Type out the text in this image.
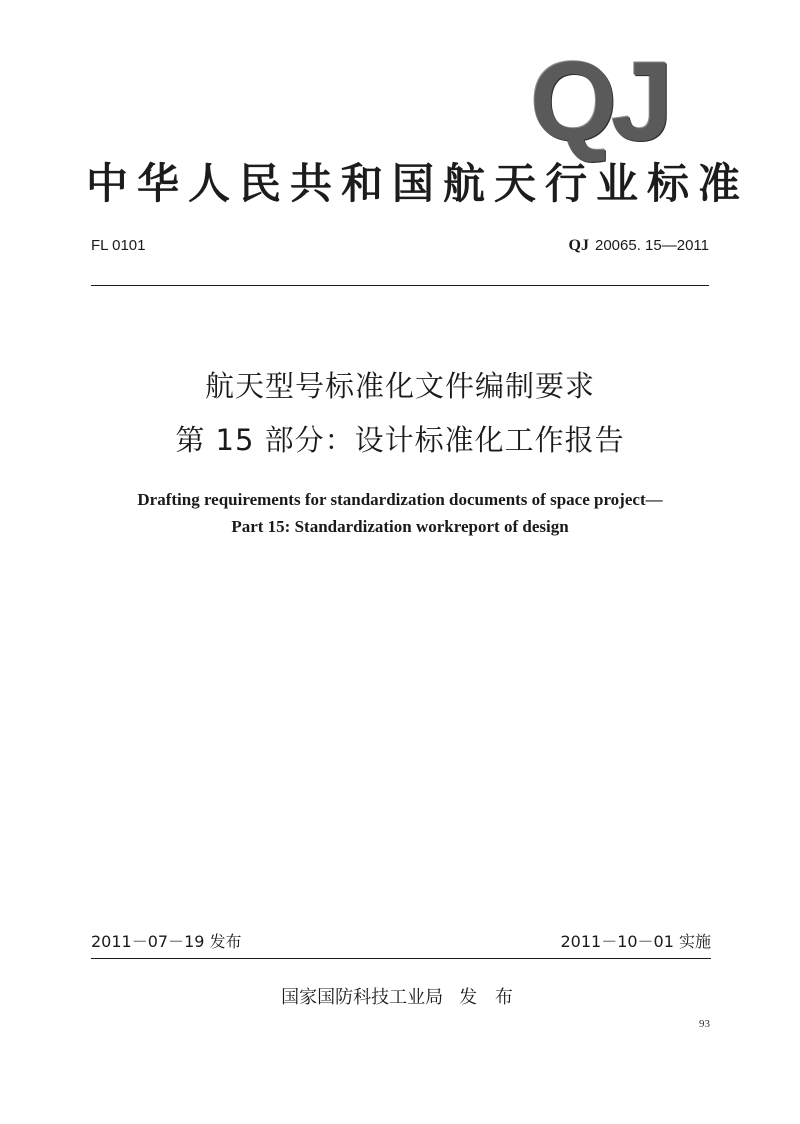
QJ
中华人民共和国航天行业标准
FL 0101	QJ 20065. 15—2011
航天型号标准化文件编制要求
第 15 部分：设计标准化工作报告
Drafting requirements for standardization documents of space project—
Part 15: Standardization workreport of design
2011－07－19 发布	2011－10－01 实施
国家国防科技工业局 发 布
93
